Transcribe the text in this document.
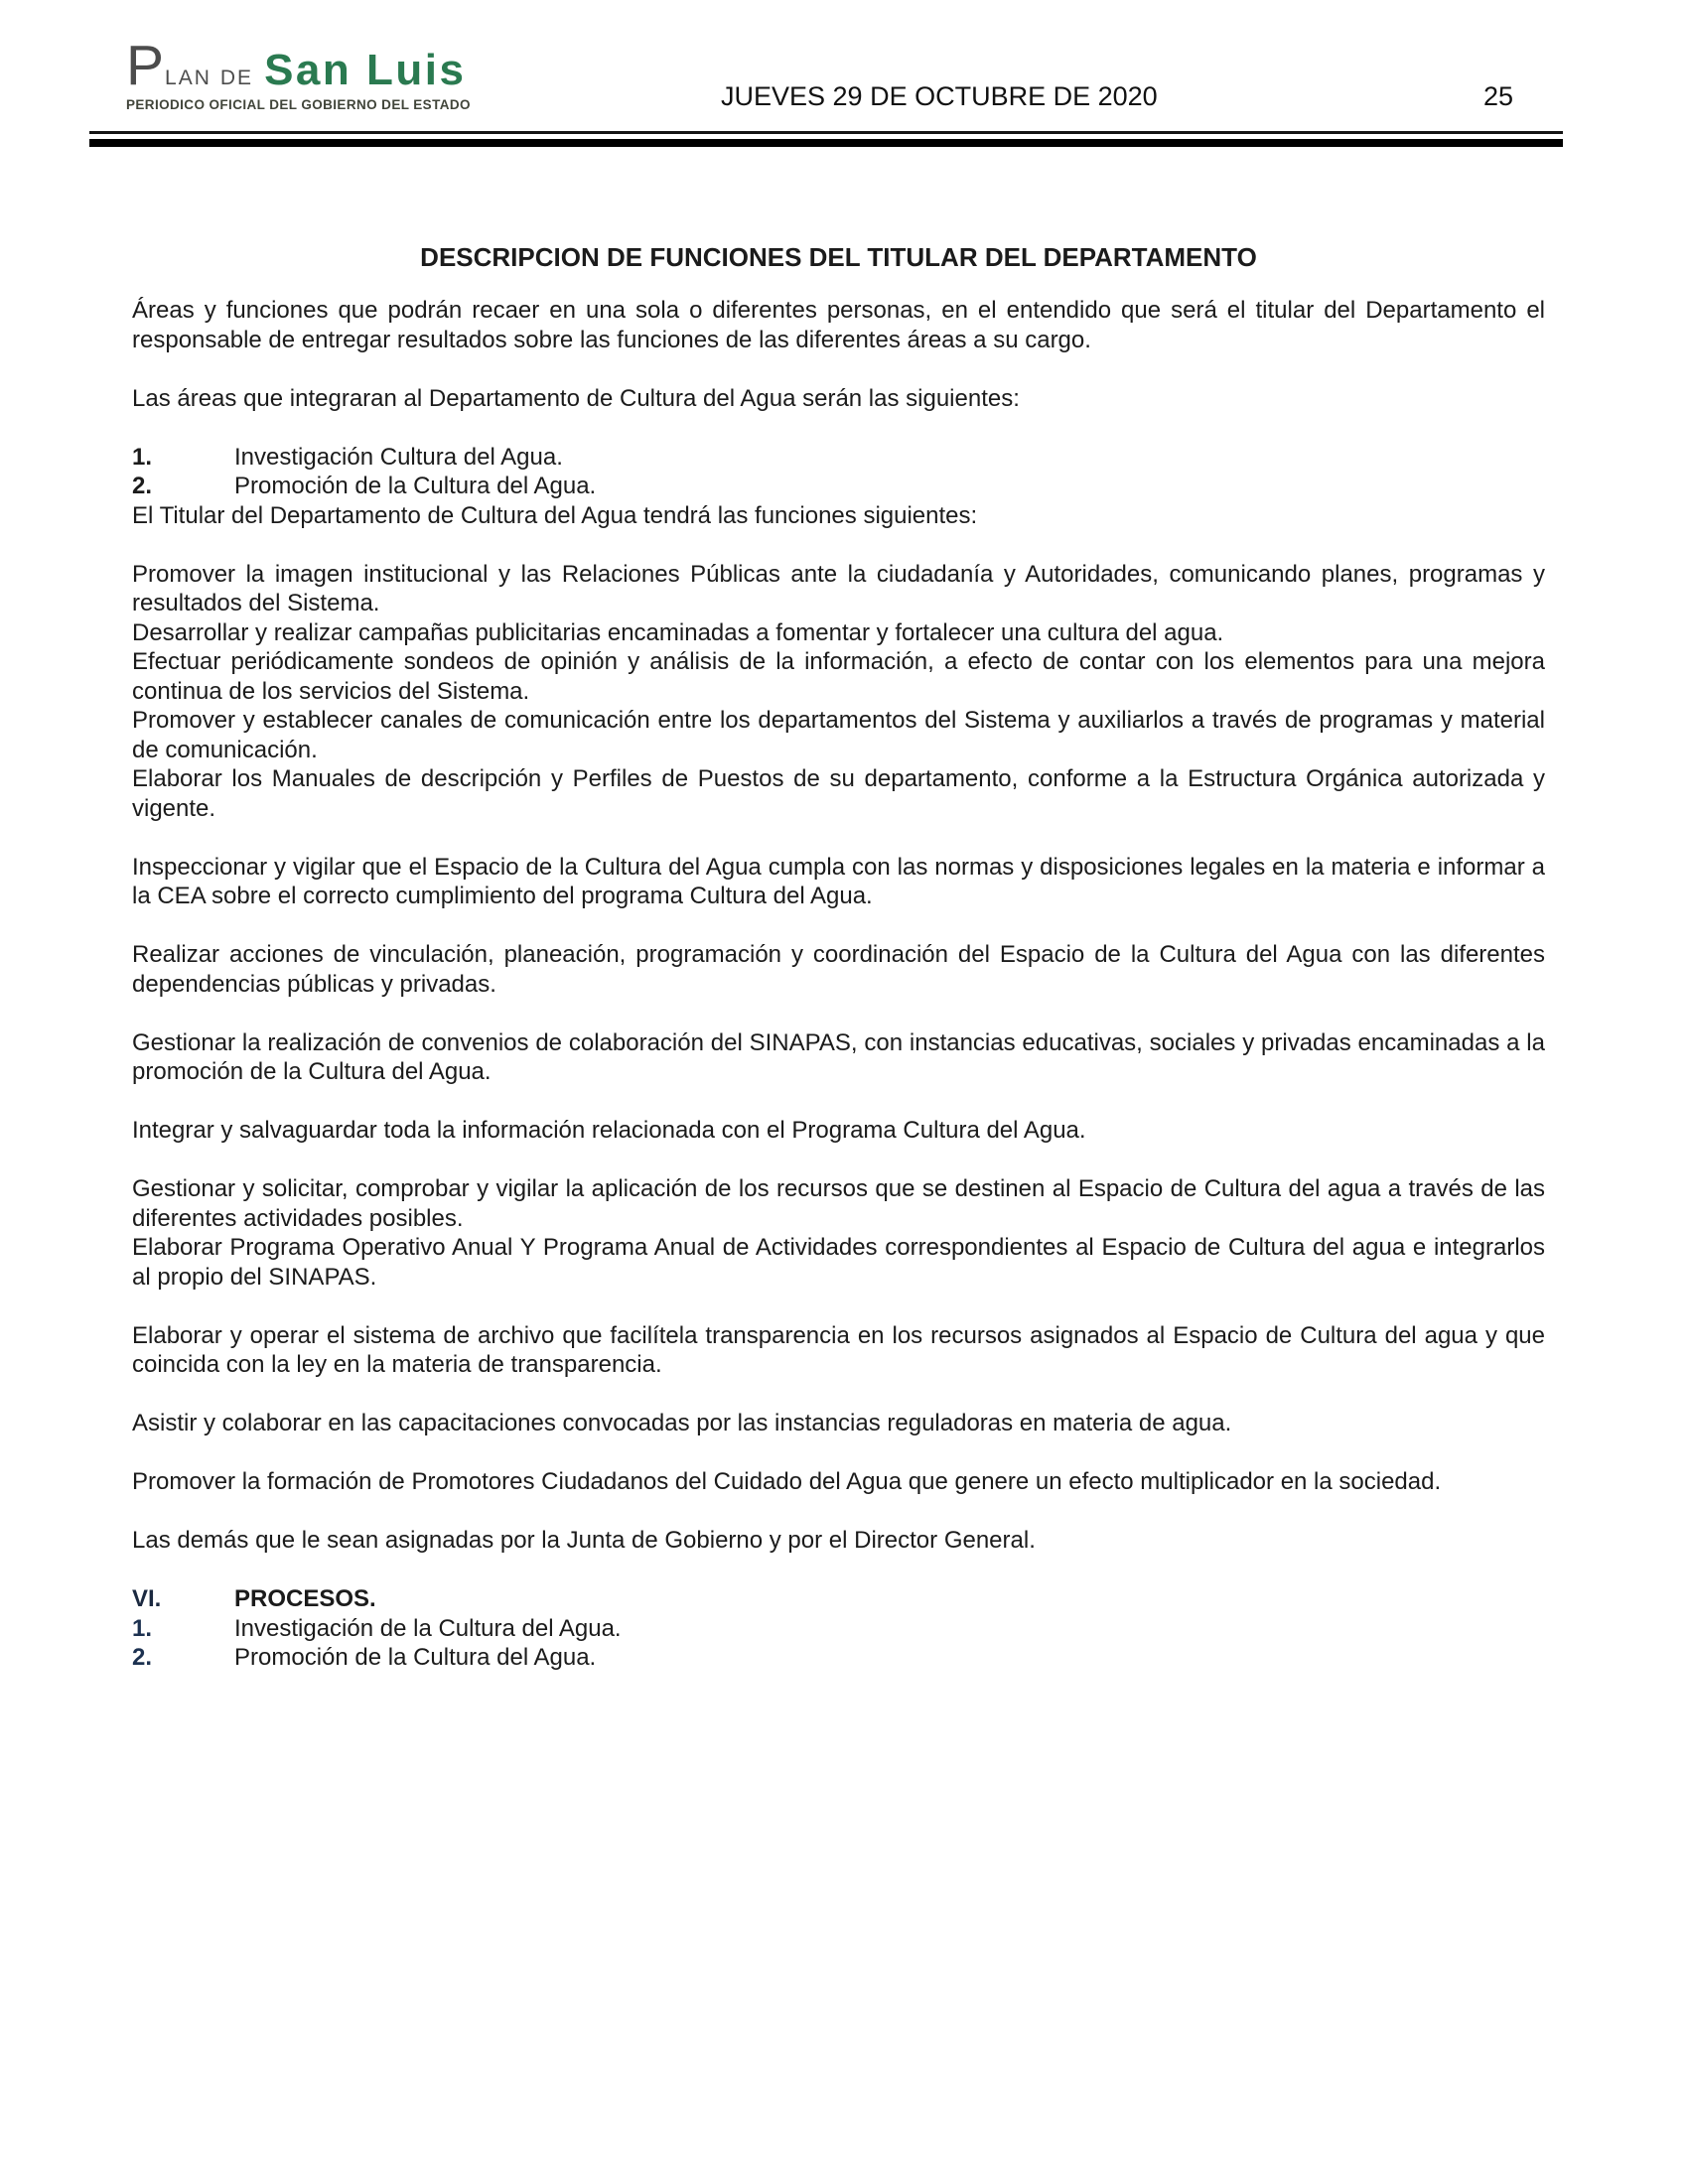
P LAN DE San Luis
PERIODICO OFICIAL DEL GOBIERNO DEL ESTADO	JUEVES 29 DE OCTUBRE DE 2020	25

DESCRIPCION DE FUNCIONES DEL TITULAR DEL DEPARTAMENTO

Áreas y funciones que podrán recaer en una sola o diferentes personas, en el entendido que será el titular del Departamento el responsable de entregar resultados sobre las funciones de las diferentes áreas a su cargo.

Las áreas que integraran al Departamento de Cultura del Agua serán las siguientes:

1.	Investigación Cultura del Agua.
2.	Promoción de la Cultura del Agua.

El Titular del Departamento de Cultura del Agua tendrá las funciones siguientes:

Promover la imagen institucional y las Relaciones Públicas ante la ciudadanía y Autoridades, comunicando planes, programas y resultados del Sistema.

Desarrollar y realizar campañas publicitarias encaminadas a fomentar y fortalecer una cultura del agua.

Efectuar periódicamente sondeos de opinión y análisis de la información, a efecto de contar con los elementos para una mejora continua de los servicios del Sistema.

Promover y establecer canales de comunicación entre los departamentos del Sistema y auxiliarlos a través de programas y material de comunicación.

Elaborar los Manuales de descripción y Perfiles de Puestos de su departamento, conforme a la Estructura Orgánica autorizada y vigente.

Inspeccionar y vigilar que el Espacio de la Cultura del Agua cumpla con las normas y disposiciones legales en la materia e informar a la CEA sobre el correcto cumplimiento del programa Cultura del Agua.

Realizar acciones de vinculación, planeación, programación y coordinación del Espacio de la Cultura del Agua con las diferentes dependencias públicas y privadas.

Gestionar la realización de convenios de colaboración del SINAPAS, con instancias educativas, sociales y privadas encaminadas a la promoción de la Cultura del Agua.

Integrar y salvaguardar toda la información relacionada con el Programa Cultura del Agua.

Gestionar y solicitar, comprobar y vigilar la aplicación de los recursos que se destinen al Espacio de Cultura del agua a través de las diferentes actividades posibles.

Elaborar Programa Operativo Anual Y Programa Anual de Actividades correspondientes al Espacio de Cultura del agua e integrarlos al propio del SINAPAS.

Elaborar y operar el sistema de archivo que facilítela transparencia en los recursos asignados al Espacio de Cultura del agua y que coincida con la ley en la materia de transparencia.

Asistir y colaborar en las capacitaciones convocadas por las instancias reguladoras en materia de agua.

Promover la formación de Promotores Ciudadanos del Cuidado del Agua que genere un efecto multiplicador en la sociedad.

Las demás que le sean asignadas por la Junta de Gobierno y por el Director General.

VI.	PROCESOS.
1.	Investigación de la Cultura del Agua.
2.	Promoción de la Cultura del Agua.
